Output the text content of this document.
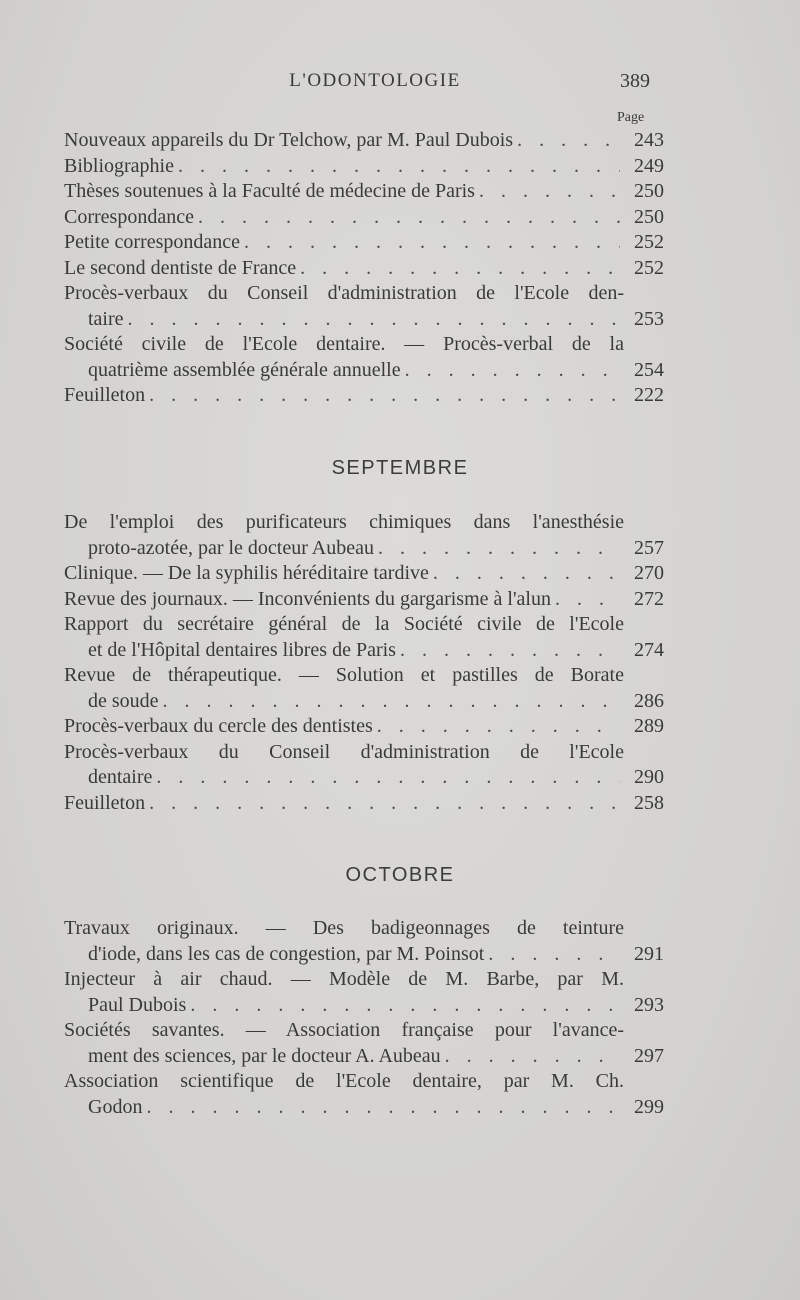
L'ODONTOLOGIE	389
Page
Nouveaux appareils du Dr Telchow, par M. Paul Dubois . . .	243
Bibliographie . . .	249
Thèses soutenues à la Faculté de médecine de Paris . . .	250
Correspondance . . .	250
Petite correspondance . . .	252
Le second dentiste de France . . .	252
Procès-verbaux du Conseil d'administration de l'Ecole den-
taire . . .	253
Société civile de l'Ecole dentaire. — Procès-verbal de la
quatrième assemblée générale annuelle . . .	254
Feuilleton . . .	222
SEPTEMBRE
De l'emploi des purificateurs chimiques dans l'anesthésie
proto-azotée, par le docteur Aubeau . . .	257
Clinique. — De la syphilis héréditaire tardive . . .	270
Revue des journaux. — Inconvénients du gargarisme à l'alun . . .	272
Rapport du secrétaire général de la Société civile de l'Ecole
et de l'Hôpital dentaires libres de Paris . . .	274
Revue de thérapeutique. — Solution et pastilles de Borate
de soude . . .	286
Procès-verbaux du cercle des dentistes . . .	289
Procès-verbaux du Conseil d'administration de l'Ecole
dentaire . . .	290
Feuilleton . . .	258
OCTOBRE
Travaux originaux. — Des badigeonnages de teinture
d'iode, dans les cas de congestion, par M. Poinsot . . .	291
Injecteur à air chaud. — Modèle de M. Barbe, par M.
Paul Dubois . . .	293
Sociétés savantes. — Association française pour l'avance-
ment des sciences, par le docteur A. Aubeau . . .	297
Association scientifique de l'Ecole dentaire, par M. Ch.
Godon . . .	299
